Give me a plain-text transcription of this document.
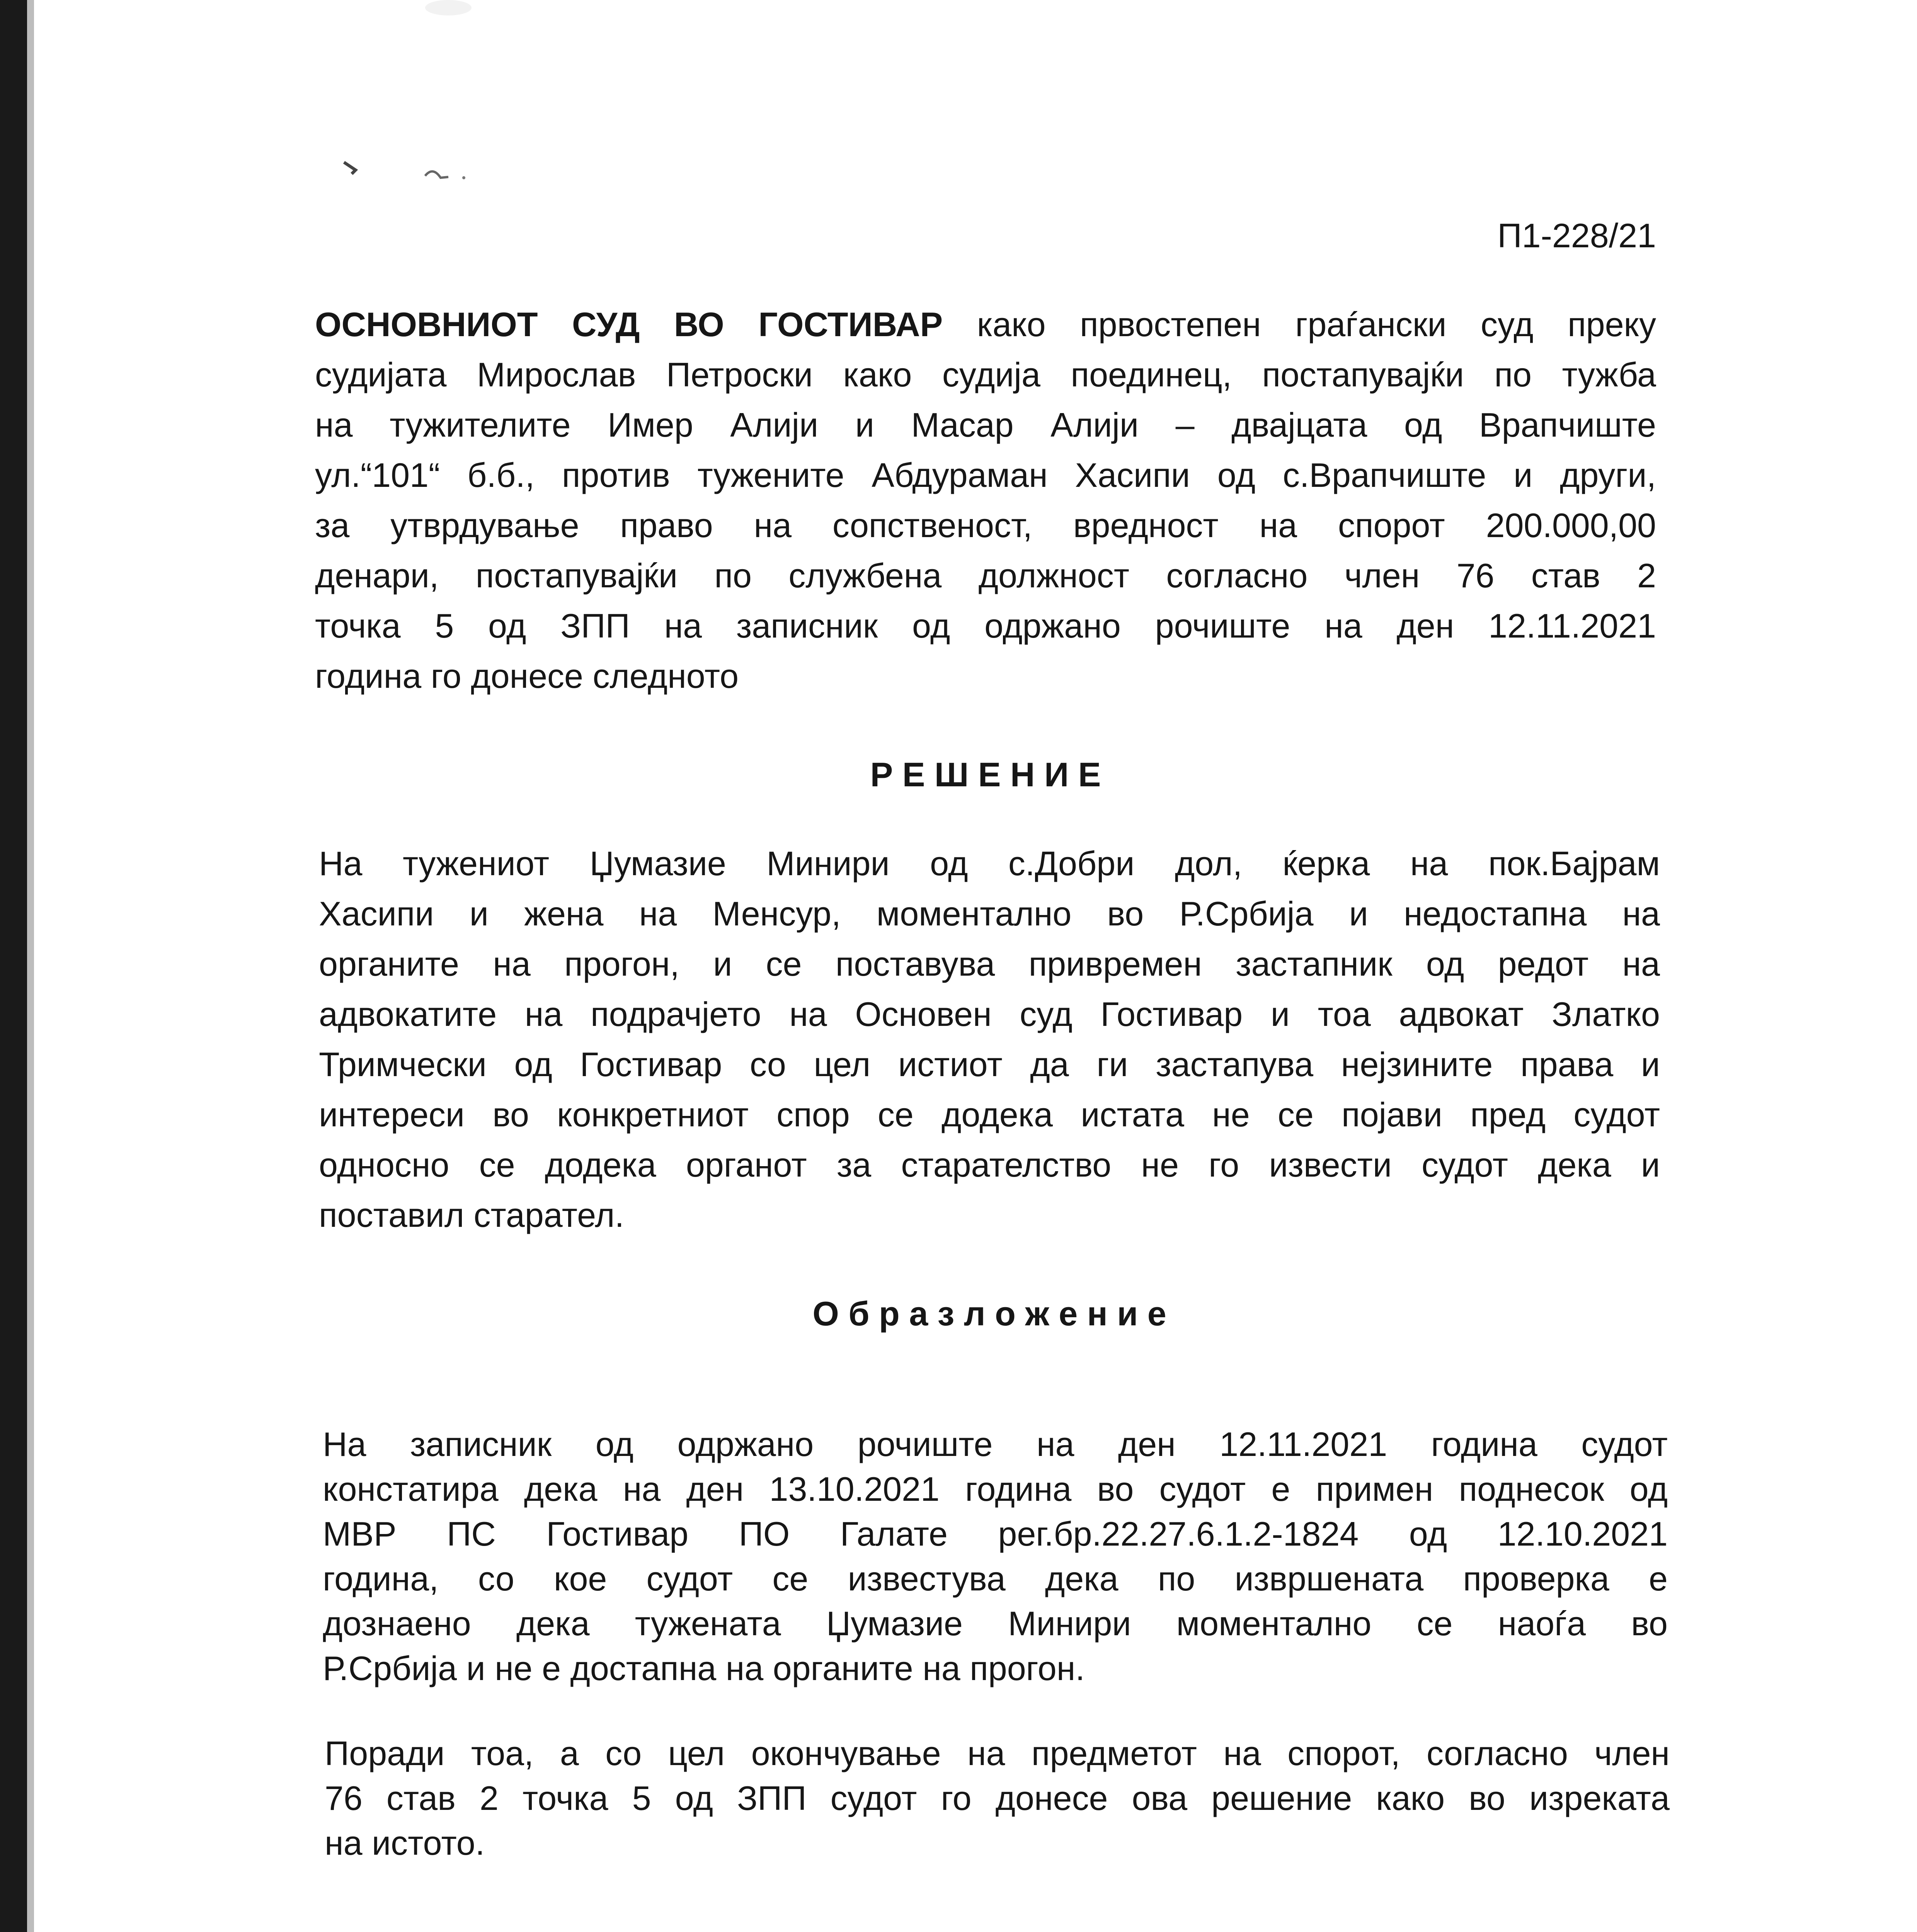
П1-228/21

ОСНОВНИОТ СУД ВО ГОСТИВАР како првостепен граѓански суд преку
судијата Мирослав Петроски како судија поединец, постапувајќи по тужба
на тужителите Имер Алији и Масар Алији – двајцата од Врапчиште
ул.“101“ б.б., против тужените Абдураман Хасипи од с.Врапчиште и други,
за утврдување право на сопственост, вредност на спорот 200.000,00
денари, постапувајќи по службена должност согласно член 76 став 2
точка 5 од ЗПП на записник од одржано рочиште на ден 12.11.2021
година го донесе следното

Р Е Ш Е Н И Е

На тужениот Џумазие Минири од с.Добри дол, ќерка на пок.Бајрам
Хасипи и жена на Менсур, моментално во Р.Србија и недостапна на
органите на прогон, и се поставува привремен застапник од редот на
адвокатите на подрачјето на Основен суд Гостивар и тоа адвокат Златко
Тримчески од Гостивар со цел истиот да ги застапува нејзините права и
интереси во конкретниот спор се додека истата не се појави пред судот
односно се додека органот за старателство не го извести судот дека и
поставил старател.

О б р а з л о ж е н и е

На записник од одржано рочиште на ден 12.11.2021 година судот
констатира дека на ден 13.10.2021 година во судот е примен поднесок од
МВР ПС Гостивар ПО Галате рег.бр.22.27.6.1.2-1824 од 12.10.2021
година, со кое судот се известува дека по извршената проверка е
дознаено дека тужената Џумазие Минири моментално се наоѓа во
Р.Србија и не е достапна на органите на прогон.
Поради тоа, а со цел окончување на предметот на спорот, согласно член
76 став 2 точка 5 од ЗПП судот го донесе ова решение како во изреката
на истото.
